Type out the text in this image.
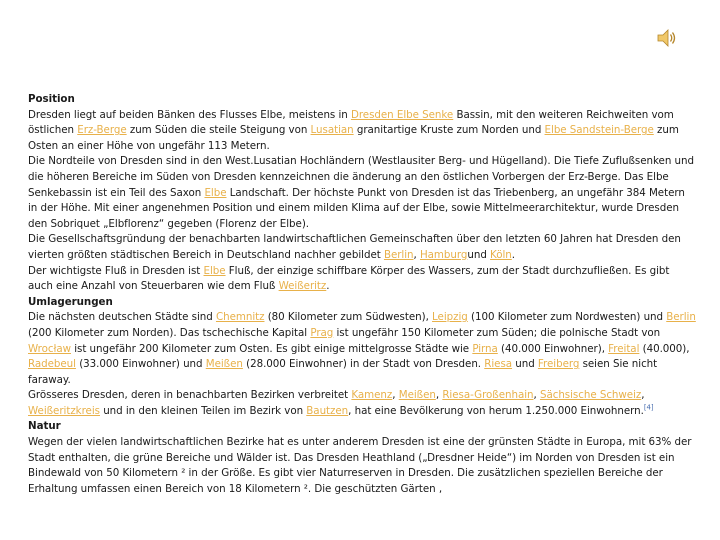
Position

Dresden liegt auf beiden Bänken des Flusses Elbe, meistens in Dresden Elbe Senke Bassin, mit den weiteren Reichweiten vom östlichen Erz-Berge zum Süden die steile Steigung von Lusatian granitartige Kruste zum Norden und Elbe Sandstein-Berge zum Osten an einer Höhe von ungefähr 113 Metern.

Die Nordteile von Dresden sind in den West.Lusatian Hochländern (Westlausiter Berg- und Hügelland). Die Tiefe Zuflußsenken und die höheren Bereiche im Süden von Dresden kennzeichnen die änderung an den östlichen Vorbergen der Erz-Berge. Das Elbe Senkebassin ist ein Teil des Saxon Elbe Landschaft. Der höchste Punkt von Dresden ist das Triebenberg, an ungefähr 384 Metern in der Höhe. Mit einer angenehmen Position und einem milden Klima auf der Elbe, sowie Mittelmeerarchitektur, wurde Dresden den Sobriquet „Elbflorenz“ gegeben (Florenz der Elbe).

Die Gesellschaftsgründung der benachbarten landwirtschaftlichen Gemeinschaften über den letzten 60 Jahren hat Dresden den vierten größten städtischen Bereich in Deutschland nachher gebildet Berlin, Hamburgund Köln.

Der wichtigste Fluß in Dresden ist Elbe Fluß, der einzige schiffbare Körper des Wassers, zum der Stadt durchzufließen. Es gibt auch eine Anzahl von Steuerbaren wie dem Fluß Weißeritz.

Umlagerungen

Die nächsten deutschen Städte sind Chemnitz (80 Kilometer zum Südwesten), Leipzig (100 Kilometer zum Nordwesten) und Berlin (200 Kilometer zum Norden). Das tschechische Kapital Prag ist ungefähr 150 Kilometer zum Süden; die polnische Stadt von Wrocław ist ungefähr 200 Kilometer zum Osten. Es gibt einige mittelgrosse Städte wie Pirna (40.000 Einwohner), Freital (40.000), Radebeul (33.000 Einwohner) und Meißen (28.000 Einwohner) in der Stadt von Dresden. Riesa und Freiberg seien Sie nicht faraway.

Grösseres Dresden, deren in benachbarten Bezirken verbreitet Kamenz, Meißen, Riesa-Großenhain, Sächsische Schweiz, Weißeritzkreis und in den kleinen Teilen im Bezirk von Bautzen, hat eine Bevölkerung von herum 1.250.000 Einwohnern.[4]

Natur

Wegen der vielen landwirtschaftlichen Bezirke hat es unter anderem Dresden ist eine der grünsten Städte in Europa, mit 63% der Stadt enthalten, die grüne Bereiche und Wälder ist. Das Dresden Heathland („Dresdner Heide“) im Norden von Dresden ist ein Bindewald von 50 Kilometern ² in der Größe. Es gibt vier Naturreserven in Dresden. Die zusätzlichen speziellen Bereiche der Erhaltung umfassen einen Bereich von 18 Kilometern ². Die geschützten Gärten ,
